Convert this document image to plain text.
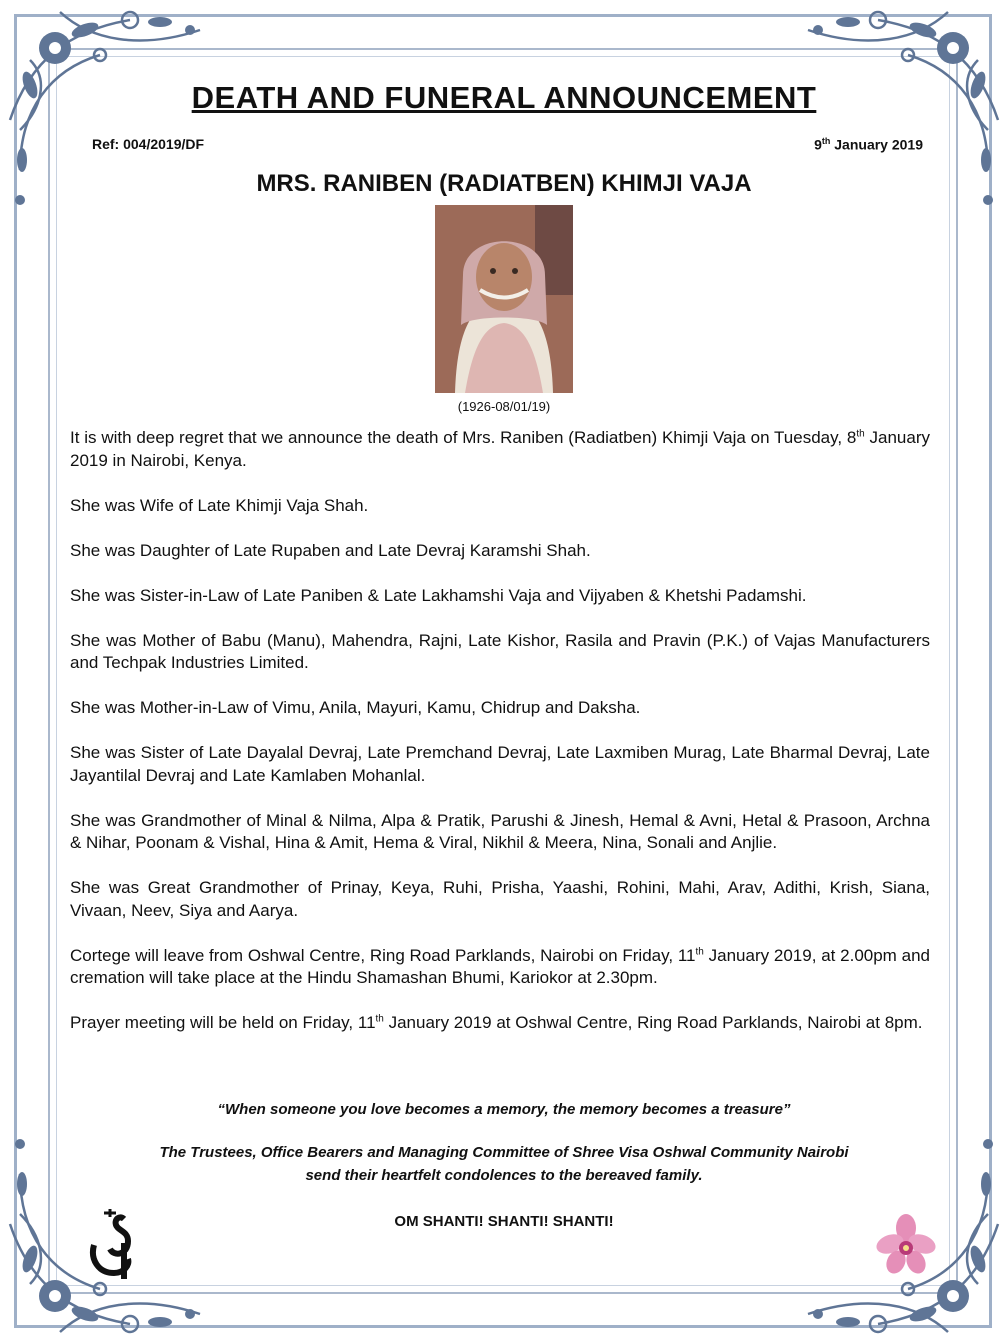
DEATH AND FUNERAL ANNOUNCEMENT
Ref: 004/2019/DF	9th January 2019
MRS. RANIBEN (RADIATBEN) KHIMJI VAJA
(1926-08/01/19)

It is with deep regret that we announce the death of Mrs. Raniben (Radiatben) Khimji Vaja on Tuesday, 8th January 2019 in Nairobi, Kenya.

She was Wife of Late Khimji Vaja Shah.

She was Daughter of Late Rupaben and Late Devraj Karamshi Shah.

She was Sister-in-Law of Late Paniben & Late Lakhamshi Vaja and Vijyaben & Khetshi Padamshi.

She was Mother of Babu (Manu), Mahendra, Rajni, Late Kishor, Rasila and Pravin (P.K.) of Vajas Manufacturers and Techpak Industries Limited.

She was Mother-in-Law of Vimu, Anila, Mayuri, Kamu, Chidrup and Daksha.

She was Sister of Late Dayalal Devraj, Late Premchand Devraj, Late Laxmiben Murag, Late Bharmal Devraj, Late Jayantilal Devraj and Late Kamlaben Mohanlal.

She was Grandmother of Minal & Nilma, Alpa & Pratik, Parushi & Jinesh, Hemal & Avni, Hetal & Prasoon, Archna & Nihar, Poonam & Vishal, Hina & Amit, Hema & Viral, Nikhil & Meera, Nina, Sonali and Anjlie.

She was Great Grandmother of Prinay, Keya, Ruhi, Prisha, Yaashi, Rohini, Mahi, Arav, Adithi, Krish, Siana, Vivaan, Neev, Siya and Aarya.

Cortege will leave from Oshwal Centre, Ring Road Parklands, Nairobi on Friday, 11th January 2019, at 2.00pm and cremation will take place at the Hindu Shamashan Bhumi, Kariokor at 2.30pm.

Prayer meeting will be held on Friday, 11th January 2019 at Oshwal Centre, Ring Road Parklands, Nairobi at 8pm.

“When someone you love becomes a memory, the memory becomes a treasure”
The Trustees, Office Bearers and Managing Committee of Shree Visa Oshwal Community Nairobi
send their heartfelt condolences to the bereaved family.
OM SHANTI! SHANTI! SHANTI!
